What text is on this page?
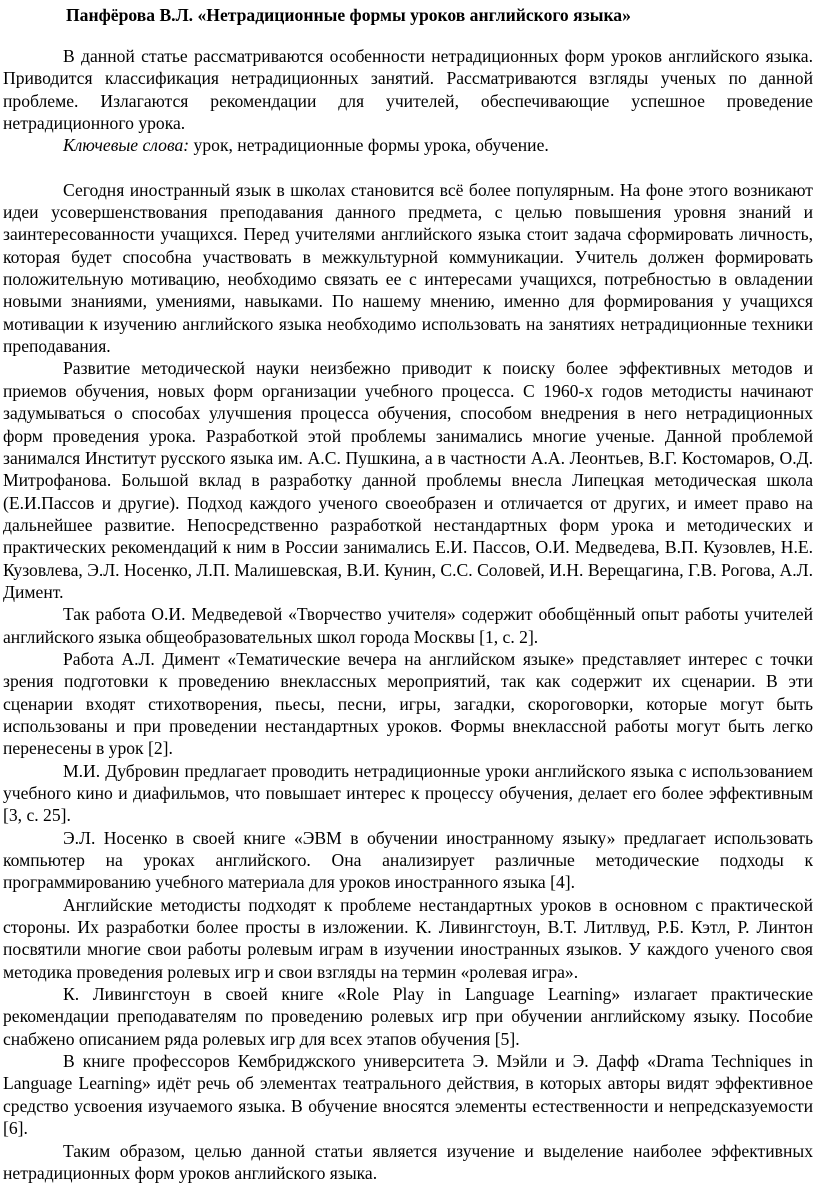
Панфёрова В.Л. «Нетрадиционные формы уроков английского языка»

В данной статье рассматриваются особенности нетрадиционных форм уроков английского языка. Приводится классификация нетрадиционных занятий. Рассматриваются взгляды ученых по данной проблеме. Излагаются рекомендации для учителей, обеспечивающие успешное проведение нетрадиционного урока.

Ключевые слова: урок, нетрадиционные формы урока, обучение.

Сегодня иностранный язык в школах становится всё более популярным. На фоне этого возникают идеи усовершенствования преподавания данного предмета, с целью повышения уровня знаний и заинтересованности учащихся. Перед учителями английского языка стоит задача сформировать личность, которая будет способна участвовать в межкультурной коммуникации. Учитель должен формировать положительную мотивацию, необходимо связать ее с интересами учащихся, потребностью в овладении новыми знаниями, умениями, навыками. По нашему мнению, именно для формирования у учащихся мотивации к изучению английского языка необходимо использовать на занятиях нетрадиционные техники преподавания.

Развитие методической науки неизбежно приводит к поиску более эффективных методов и приемов обучения, новых форм организации учебного процесса. С 1960-х годов методисты начинают задумываться о способах улучшения процесса обучения, способом внедрения в него нетрадиционных форм проведения урока. Разработкой этой проблемы занимались многие ученые. Данной проблемой занимался Институт русского языка им. А.С. Пушкина, а в частности А.А. Леонтьев, В.Г. Костомаров, О.Д. Митрофанова. Большой вклад в разработку данной проблемы внесла Липецкая методическая школа (Е.И.Пассов и другие). Подход каждого ученого своеобразен и отличается от других, и имеет право на дальнейшее развитие. Непосредственно разработкой нестандартных форм урока и методических и практических рекомендаций к ним в России занимались Е.И. Пассов, О.И. Медведева, В.П. Кузовлев, Н.Е. Кузовлева, Э.Л. Носенко, Л.П. Малишевская, В.И. Кунин, С.С. Соловей, И.Н. Верещагина, Г.В. Рогова, А.Л. Димент.

Так работа О.И. Медведевой «Творчество учителя» содержит обобщённый опыт работы учителей английского языка общеобразовательных школ города Москвы [1, с. 2].

Работа А.Л. Димент «Тематические вечера на английском языке» представляет интерес с точки зрения подготовки к проведению внеклассных мероприятий, так как содержит их сценарии. В эти сценарии входят стихотворения, пьесы, песни, игры, загадки, скороговорки, которые могут быть использованы и при проведении нестандартных уроков. Формы внеклассной работы могут быть легко перенесены в урок [2].

М.И. Дубровин предлагает проводить нетрадиционные уроки английского языка с использованием учебного кино и диафильмов, что повышает интерес к процессу обучения, делает его более эффективным [3, с. 25].

Э.Л. Носенко в своей книге «ЭВМ в обучении иностранному языку» предлагает использовать компьютер на уроках английского. Она анализирует различные методические подходы к программированию учебного материала для уроков иностранного языка [4].

Английские методисты подходят к проблеме нестандартных уроков в основном с практической стороны. Их разработки более просты в изложении. К. Ливингстоун, В.Т. Литлвуд, Р.Б. Кэтл, Р. Линтон посвятили многие свои работы ролевым играм в изучении иностранных языков. У каждого ученого своя методика проведения ролевых игр и свои взгляды на термин «ролевая игра».

К. Ливингстоун в своей книге «Role Play in Language Learning» излагает практические рекомендации преподавателям по проведению ролевых игр при обучении английскому языку. Пособие снабжено описанием ряда ролевых игр для всех этапов обучения [5].

В книге профессоров Кембриджского университета Э. Мэйли и Э. Дафф «Drama Techniques in Language Learning» идёт речь об элементах театрального действия, в которых авторы видят эффективное средство усвоения изучаемого языка. В обучение вносятся элементы естественности и непредсказуемости [6].

Таким образом, целью данной статьи является изучение и выделение наиболее эффективных нетрадиционных форм уроков английского языка.
